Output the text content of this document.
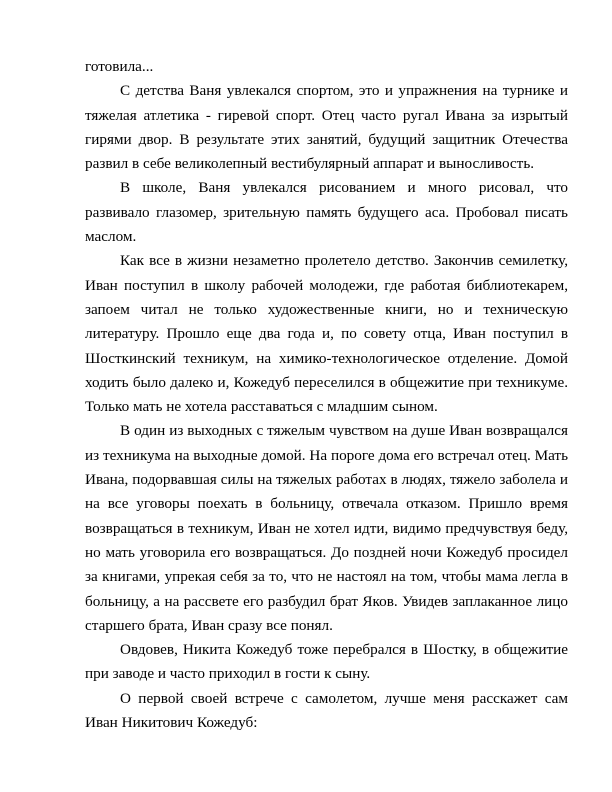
готовила...

С детства Ваня увлекался спортом, это и упражнения на турнике и тяжелая атлетика - гиревой спорт. Отец часто ругал Ивана за изрытый гирями двор. В результате этих занятий, будущий защитник Отечества развил в себе великолепный вестибулярный аппарат и выносливость.

В школе, Ваня увлекался рисованием и много рисовал, что развивало глазомер, зрительную память будущего аса. Пробовал писать маслом.

Как все в жизни незаметно пролетело детство. Закончив семилетку, Иван поступил в школу рабочей молодежи, где работая библиотекарем, запоем читал не только художественные книги, но и техническую литературу. Прошло еще два года и, по совету отца, Иван поступил в Шосткинский техникум, на химико-технологическое отделение. Домой ходить было далеко и, Кожедуб переселился в общежитие при техникуме. Только мать не хотела расставаться с младшим сыном.

В один из выходных с тяжелым чувством на душе Иван возвращался из техникума на выходные домой. На пороге дома его встречал отец. Мать Ивана, подорвавшая силы на тяжелых работах в людях, тяжело заболела и на все уговоры поехать в больницу, отвечала отказом. Пришло время возвращаться в техникум, Иван не хотел идти, видимо предчувствуя беду, но мать уговорила его возвращаться. До поздней ночи Кожедуб просидел за книгами, упрекая себя за то, что не настоял на том, чтобы мама легла в больницу, а на рассвете его разбудил брат Яков. Увидев заплаканное лицо старшего брата, Иван сразу все понял.

Овдовев, Никита Кожедуб тоже перебрался в Шостку, в общежитие при заводе и часто приходил в гости к сыну.

О первой своей встрече с самолетом, лучше меня расскажет сам Иван Никитович Кожедуб:
